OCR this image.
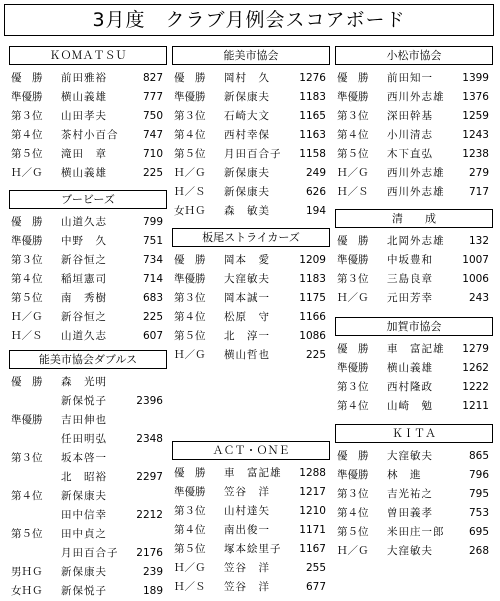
3月度　クラブ月例会スコアボード
ＫＯＭＡＴＳＵ
優　勝 前田雅裕	827
準優勝 横山義雄	777
第３位 山田孝夫	750
第４位 茶村小百合 747
第５位 滝田　章	710
Ｈ／Ｇ 横山義雄	225
ブービーズ
優　勝 山道久志	799
準優勝 中野　久	751
第３位 新谷恒之	734
第４位 稲垣憲司	714
第５位 南　秀樹	683
Ｈ／Ｇ 新谷恒之	225
Ｈ／Ｓ 山道久志	607
能美市協会ダブルス
優　勝 森　光明
新保悦子	2396
準優勝 吉田伸也
任田明弘	2348
第３位 坂本啓一
北　昭裕	2297
第４位 新保康夫
田中信幸	2212
第５位 田中貞之
月田百合子 2176
男ＨＧ 新保康夫	239
女ＨＧ 新保悦子	189
能美市協会
優　勝 岡村　久	1276
準優勝 新保康夫	1183
第３位 石崎大文	1165
第４位 西村幸保	1163
第５位 月田百合子 1158
Ｈ／Ｇ 新保康夫	249
Ｈ／Ｓ 新保康夫	626
女ＨＧ 森　敏美	194
板尾ストライカーズ
優　勝 岡本　愛	1209
準優勝 大窪敏夫	1183
第３位 岡本誠一	1175
第４位 松原　守	1166
第５位 北　淳一	1086
Ｈ／Ｇ 横山哲也	225
ＡＣＴ・ＯＮＥ
優　勝 車　富記雄 1288
準優勝 笠谷　洋	1217
第３位 山村達矢	1210
第４位 南出俊一	1171
第５位 塚本絵里子 1167
Ｈ／Ｇ 笠谷　洋	255
Ｈ／Ｓ 笠谷　洋	677
小松市協会
優　勝 前田知一	1399
準優勝 西川外志雄 1376
第３位 深田幹基	1259
第４位 小川清志	1243
第５位 木下直弘	1238
Ｈ／Ｇ 西川外志雄 279
Ｈ／Ｓ 西川外志雄 717
清　　成
優　勝 北岡外志雄 132
準優勝 中坂豊和	1007
第３位 三島良章	1006
Ｈ／Ｇ 元田芳幸	243
加賀市協会
優　勝 車　富記雄 1279
準優勝 横山義雄	1262
第３位 西村隆政	1222
第４位 山崎　勉	1211
ＫＩＴＡ
優　勝 大窪敏夫	865
準優勝 林　進	796
第３位 吉光祐之	795
第４位 曽田義孝	753
第５位 米田庄一郎 695
Ｈ／Ｇ 大窪敏夫	268
